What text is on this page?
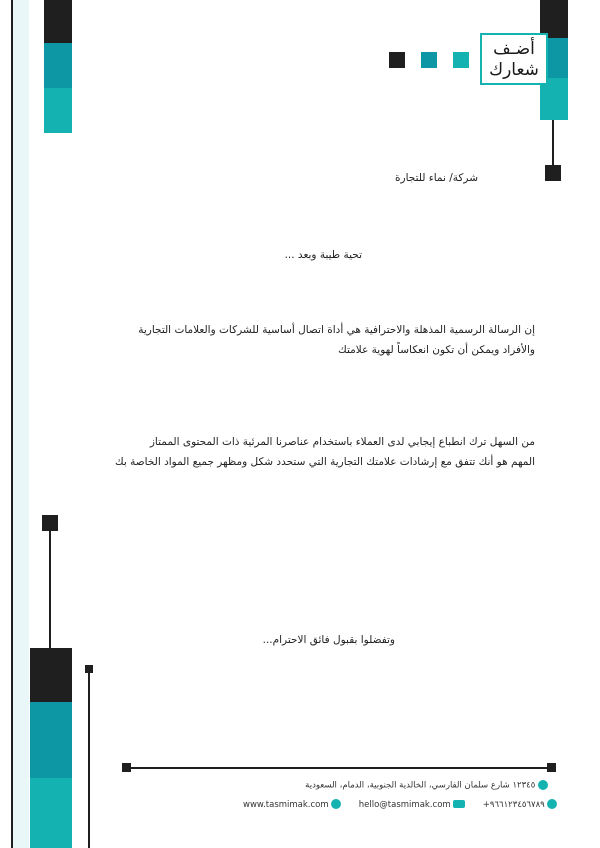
أضـف
شعارك
شركة/ نماء للتجارة
تحية طيبة وبعد ...
إن الرسالة الرسمية المذهلة والاحترافية هي أداة اتصال أساسية للشركات والعلامات التجارية
والأفراد ويمكن أن تكون انعكاساً لهوية علامتك
من السهل ترك انطباع إيجابي لدى العملاء باستخدام عناصرنا المرئية ذات المحتوى الممتاز
المهم هو أنك تتفق مع إرشادات علامتك التجارية التي ستحدد شكل ومظهر جميع المواد الخاصة بك
وتفضلوا بقبول فائق الاحترام...
١٢٣٤٥ شارع سلمان الفارسي، الخالدية الجنوبية، الدمام، السعودية
www.tasmimak.com	hello@tasmimak.com	+٩٦٦١٢٣٤٥٦٧٨٩
